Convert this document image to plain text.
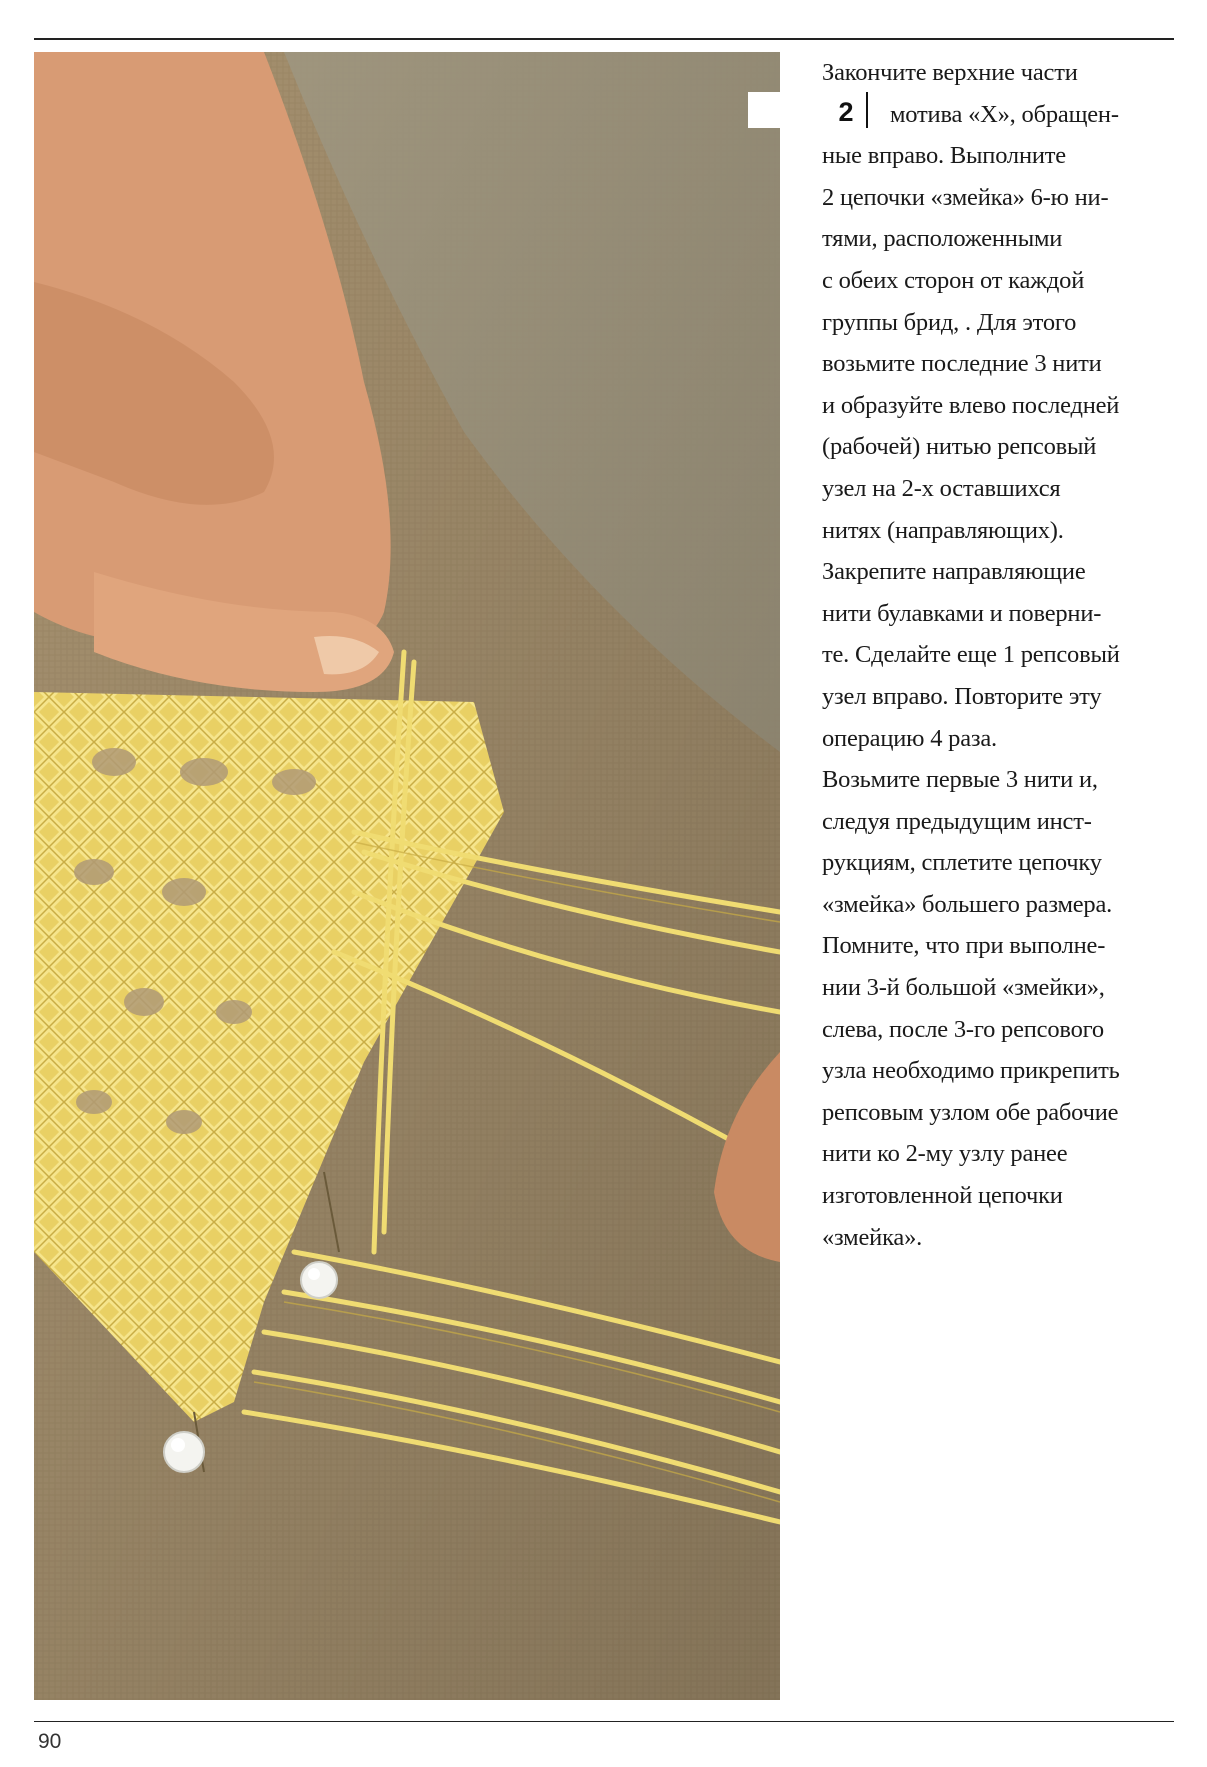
2
Закончите верхние части
мотива «X», обращен-
ные вправо. Выполните
2 цепочки «змейка» 6-ю ни-
тями, расположенными
с обеих сторон от каждой
группы брид, . Для этого
возьмите последние 3 нити
и образуйте влево последней
(рабочей) нитью репсовый
узел на 2-х оставшихся
нитях (направляющих).
Закрепите направляющие
нити булавками и поверни-
те. Сделайте еще 1 репсовый
узел вправо. Повторите эту
операцию 4 раза.
Возьмите первые 3 нити и,
следуя предыдущим инст-
рукциям, сплетите цепочку
«змейка» большего размера.
Помните, что при выполне-
нии 3-й большой «змейки»,
слева, после 3-го репсового
узла необходимо прикрепить
репсовым узлом обе рабочие
нити ко 2-му узлу ранее
изготовленной цепочки
«змейка».
90
